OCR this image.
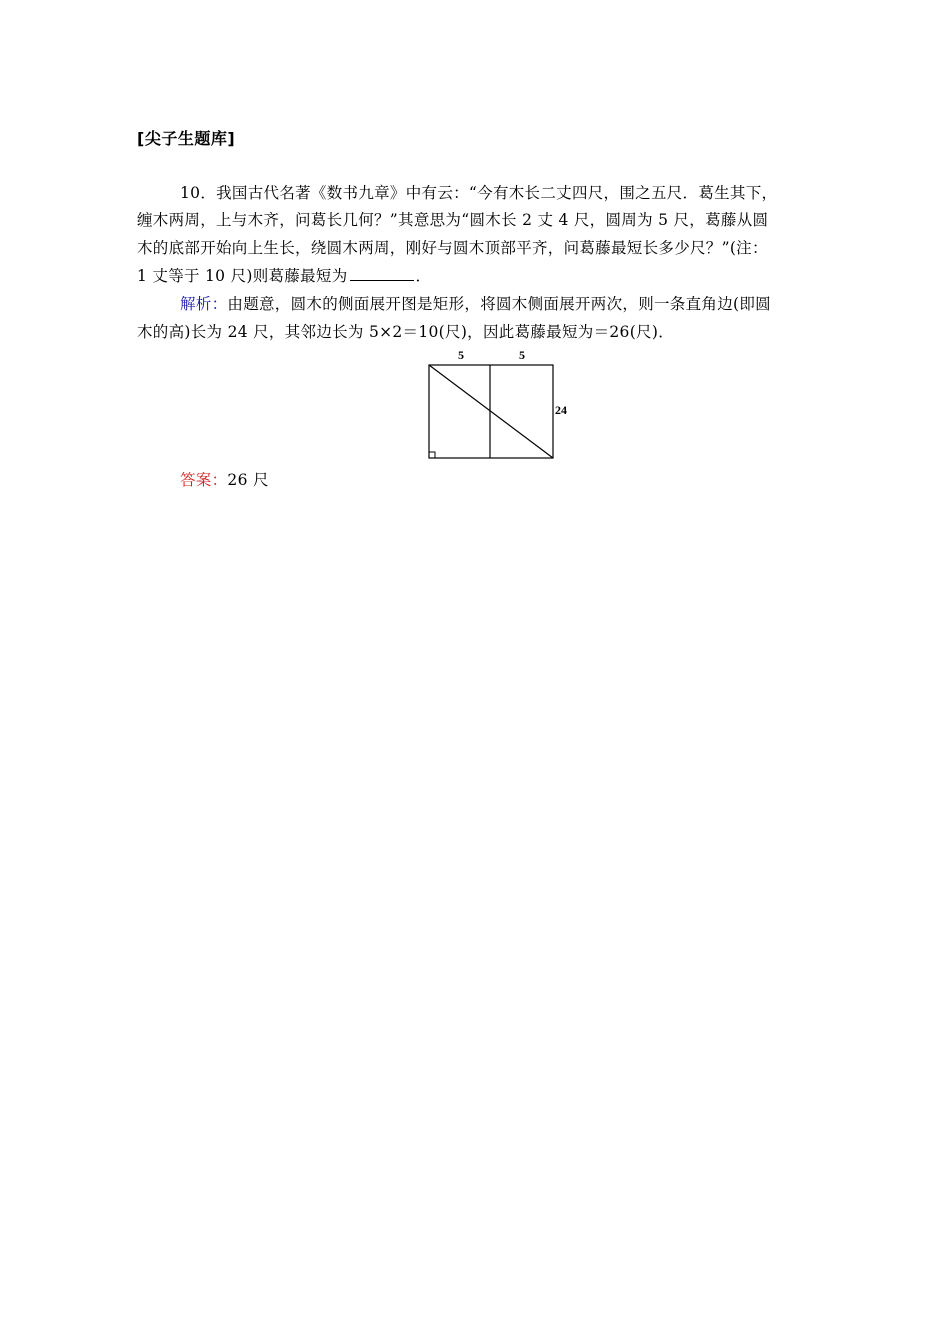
[尖子生题库]
10．我国古代名著《数书九章》中有云：“今有木长二丈四尺，围之五尺．葛生其下，
缠木两周，上与木齐，问葛长几何？”其意思为“圆木长 2 丈 4 尺，圆周为 5 尺，葛藤从圆
木的底部开始向上生长，绕圆木两周，刚好与圆木顶部平齐，问葛藤最短长多少尺？”(注：
1 丈等于 10 尺)则葛藤最短为	．
解析：由题意，圆木的侧面展开图是矩形，将圆木侧面展开两次，则一条直角边(即圆
木的高)长为 24 尺，其邻边长为 5×2＝10(尺)，因此葛藤最短为＝26(尺)．
5	5
24
答案：26 尺
